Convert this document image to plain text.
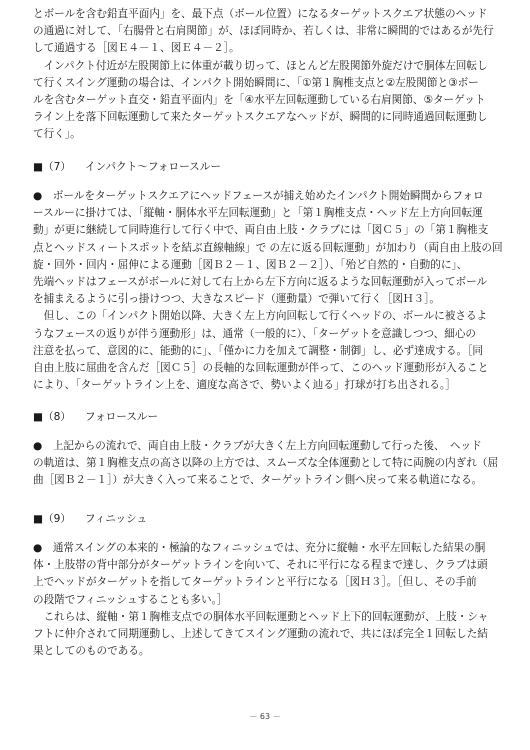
とボールを含む鉛直平面内」を、最下点（ボール位置）になるターゲットスクエア状態のヘッド
の通過に対して、「右腸骨と右肩関節」が、ほぼ同時か、若しくは、非常に瞬間的ではあるが先行
して通過する［図Ｅ４－１、図Ｅ４－２］。
　インパクト付近が左股関節上に体重が載り切って、ほとんど左股関節外旋だけで胴体左回転し
て行くスイング運動の場合は、インパクト開始瞬間に、「①第１胸椎支点と②左股関節と③ボー
ルを含むターゲット直交・鉛直平面内」を「④水平左回転運動している右肩関節、⑤ターゲット
ライン上を落下回転運動して来たターゲットスクエアなヘッドが、瞬間的に同時通過回転運動し
て行く」。
■（7） インパクト～フォロースルー
●　ボールをターゲットスクエアにヘッドフェースが捕え始めたインパクト開始瞬間からフォロ
ースルーに掛けては、「縦軸・胴体水平左回転運動」と「第１胸椎支点・ヘッド左上方向回転運
動」が更に継続して同時進行して行く中で、両自由上肢・クラブには「図Ｃ５」の「第１胸椎支
点とヘッドスィートスポットを結ぶ直線軸線」で の左に返る回転運動」が加わり（両自由上肢の回
旋・回外・回内・屈伸による運動［図Ｂ２－１、図Ｂ２－２］）、「殆ど自然的・自動的に」、
先端ヘッドはフェースがボールに対して右上から左下方向に返るような回転運動が入ってボール
を捕まえるように引っ掛けつつ、大きなスピード（運動量）で弾いて行く［図Ｈ３］。
　但し、この「インパクト開始以降、大きく左上方向回転して行くヘッドの、ボールに被さるよ
うなフェースの返りが伴う運動形」は、通常（一般的に）、「ターゲットを意識しつつ、細心の
注意を払って、意図的に、能動的に」、「僅かに力を加えて調整・制御」し、必ず達成する。［同
自由上肢に屈曲を含んだ［図Ｃ５］の長軸的な回転運動が伴って、このヘッド運動形が入ること
により、「ターゲットライン上を、適度な高さで、勢いよく辿る」打球が打ち出される。］
■（8） フォロースルー
●　上記からの流れで、両自由上肢・クラブが大きく左上方向回転運動して行った後、　ヘッド
の軌道は、第１胸椎支点の高さ以降の上方では、スムーズな全体運動として特に両腕の内ぎれ（屈
曲［図Ｂ２－１］）が大きく入って来ることで、ターゲットライン側へ戻って来る軌道になる。
■（9） フィニッシュ
●　通常スイングの本来的・極論的なフィニッシュでは、充分に縦軸・水平左回転した結果の胴
体・上肢帯の背中部分がターゲットラインを向いて、それに平行になる程まで達し、クラブは頭
上でヘッドがターゲットを指してターゲットラインと平行になる［図Ｈ３］。［但し、その手前
の段階でフィニッシュすることも多い。］
　これらは、縦軸・第１胸椎支点での胴体水平回転運動とヘッド上下的回転運動が、上肢・シャ
フトに仲介されて同期運動し、上述してきてスイング運動の流れで、共にほぼ完全１回転した結
果としてのものである。
－ 63 －
